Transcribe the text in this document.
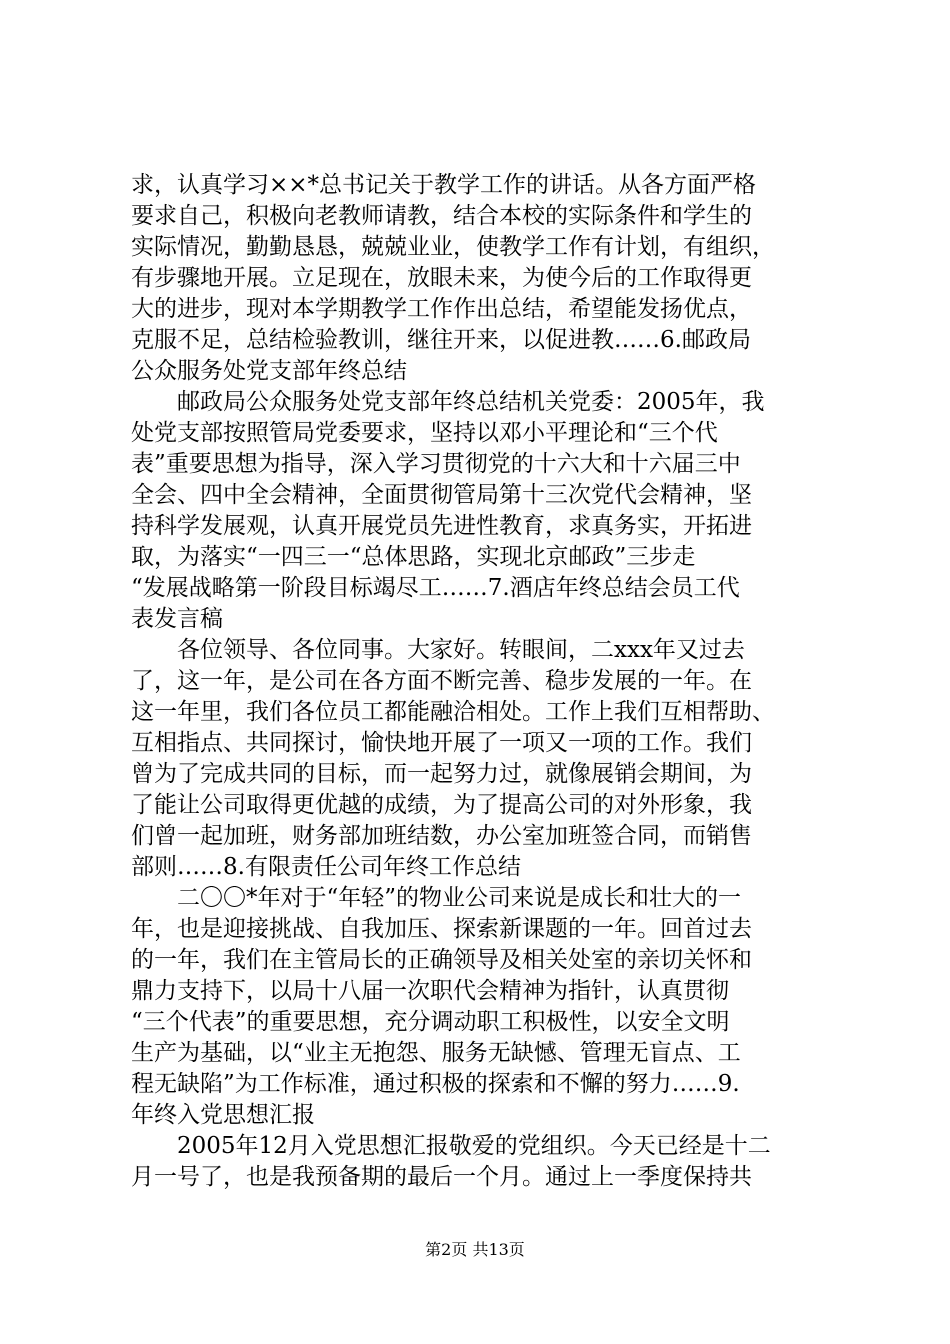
求，认真学习××*总书记关于教学工作的讲话。从各方面严格
要求自己，积极向老教师请教，结合本校的实际条件和学生的
实际情况，勤勤恳恳，兢兢业业，使教学工作有计划，有组织，
有步骤地开展。立足现在，放眼未来，为使今后的工作取得更
大的进步，现对本学期教学工作作出总结，希望能发扬优点，
克服不足，总结检验教训，继往开来，以促进教……6.邮政局
公众服务处党支部年终总结
　　邮政局公众服务处党支部年终总结机关党委：2005年，我
处党支部按照管局党委要求，坚持以邓小平理论和“三个代
表”重要思想为指导，深入学习贯彻党的十六大和十六届三中
全会、四中全会精神，全面贯彻管局第十三次党代会精神，坚
持科学发展观，认真开展党员先进性教育，求真务实，开拓进
取，为落实“一四三一“总体思路，实现北京邮政”三步走
“发展战略第一阶段目标竭尽工……7.酒店年终总结会员工代
表发言稿
　　各位领导、各位同事。大家好。转眼间，二xxx年又过去
了，这一年，是公司在各方面不断完善、稳步发展的一年。在
这一年里，我们各位员工都能融洽相处。工作上我们互相帮助、
互相指点、共同探讨，愉快地开展了一项又一项的工作。我们
曾为了完成共同的目标，而一起努力过，就像展销会期间，为
了能让公司取得更优越的成绩，为了提高公司的对外形象，我
们曾一起加班，财务部加班结数，办公室加班签合同，而销售
部则……8.有限责任公司年终工作总结
　　二〇〇*年对于“年轻”的物业公司来说是成长和壮大的一
年，也是迎接挑战、自我加压、探索新课题的一年。回首过去
的一年，我们在主管局长的正确领导及相关处室的亲切关怀和
鼎力支持下，以局十八届一次职代会精神为指针，认真贯彻
“三个代表”的重要思想，充分调动职工积极性，以安全文明
生产为基础，以“业主无抱怨、服务无缺憾、管理无盲点、工
程无缺陷”为工作标准，通过积极的探索和不懈的努力……9.
年终入党思想汇报
　　2005年12月入党思想汇报敬爱的党组织。今天已经是十二
月一号了，也是我预备期的最后一个月。通过上一季度保持共
第2页 共13页
